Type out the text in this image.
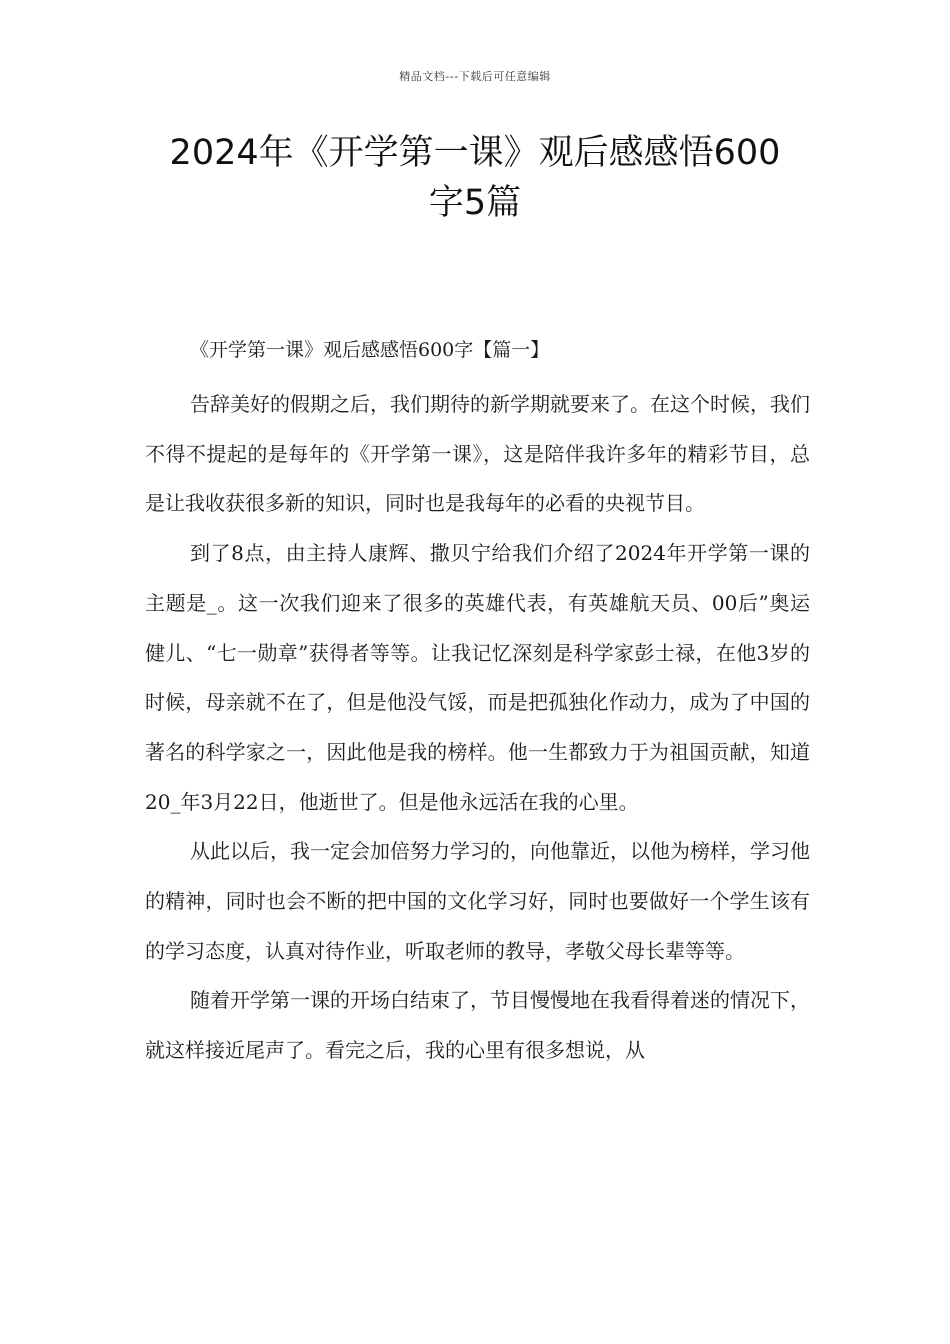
精品文档---下载后可任意编辑
2024年《开学第一课》观后感感悟600
字5篇
《开学第一课》观后感感悟600字【篇一】

告辞美好的假期之后，我们期待的新学期就要来了。在这个时候，我们不得不提起的是每年的《开学第一课》，这是陪伴我许多年的精彩节目，总是让我收获很多新的知识，同时也是我每年的必看的央视节目。

到了8点，由主持人康辉、撒贝宁给我们介绍了2024年开学第一课的主题是_。这一次我们迎来了很多的英雄代表，有英雄航天员、00后”奥运健儿、“七一勋章”获得者等等。让我记忆深刻是科学家彭士禄，在他3岁的时候，母亲就不在了，但是他没气馁，而是把孤独化作动力，成为了中国的著名的科学家之一，因此他是我的榜样。他一生都致力于为祖国贡献，知道20_年3月22日，他逝世了。但是他永远活在我的心里。

从此以后，我一定会加倍努力学习的，向他靠近，以他为榜样，学习他的精神，同时也会不断的把中国的文化学习好，同时也要做好一个学生该有的学习态度，认真对待作业，听取老师的教导，孝敬父母长辈等等。

随着开学第一课的开场白结束了，节目慢慢地在我看得着迷的情况下，就这样接近尾声了。看完之后，我的心里有很多想说，从
